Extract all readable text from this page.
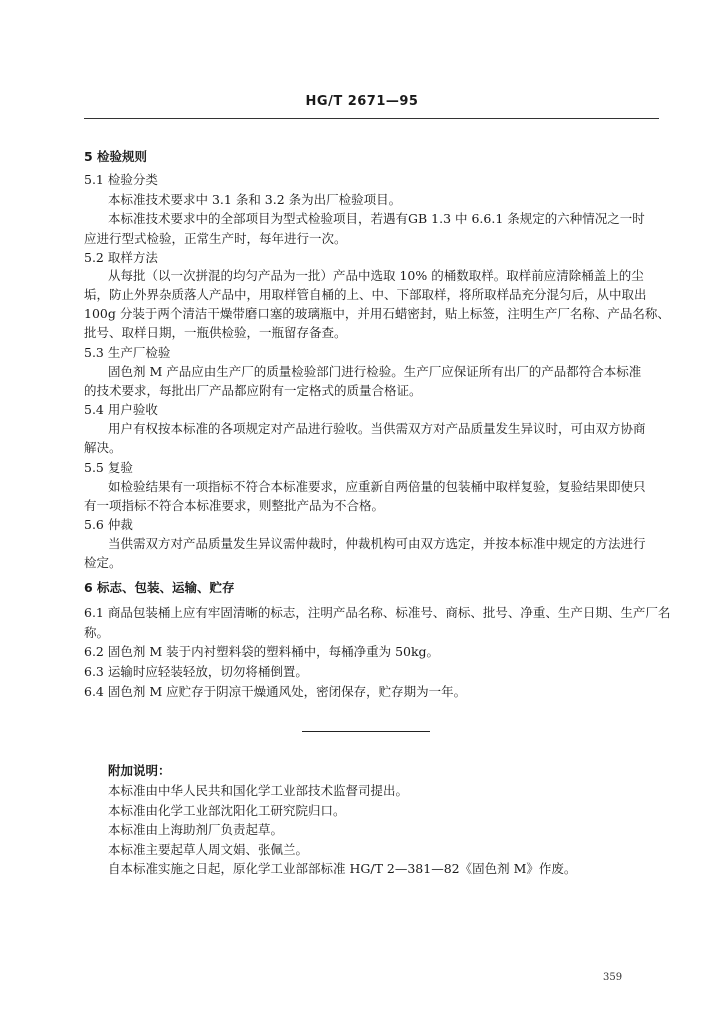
HG/T 2671—95
5 检验规则
5.1 检验分类
本标准技术要求中 3.1 条和 3.2 条为出厂检验项目。
本标准技术要求中的全部项目为型式检验项目，若遇有GB 1.3 中 6.6.1 条规定的六种情况之一时
应进行型式检验，正常生产时，每年进行一次。
5.2 取样方法
从每批（以一次拼混的均匀产品为一批）产品中选取 10% 的桶数取样。取样前应清除桶盖上的尘
垢，防止外界杂质落人产品中，用取样管自桶的上、中、下部取样，将所取样品充分混匀后，从中取出
100g 分装于两个清洁干燥带磨口塞的玻璃瓶中，并用石蜡密封，贴上标签，注明生产厂名称、产品名称、
批号、取样日期，一瓶供检验，一瓶留存备查。
5.3 生产厂检验
固色剂 M 产品应由生产厂的质量检验部门进行检验。生产厂应保证所有出厂的产品都符合本标准
的技术要求，每批出厂产品都应附有一定格式的质量合格证。
5.4 用户验收
用户有权按本标准的各项规定对产品进行验收。当供需双方对产品质量发生异议时，可由双方协商
解决。
5.5 复验
如检验结果有一项指标不符合本标准要求，应重新自两倍量的包装桶中取样复验，复验结果即使只
有一项指标不符合本标准要求，则整批产品为不合格。
5.6 仲裁
当供需双方对产品质量发生异议需仲裁时，仲裁机构可由双方选定，并按本标准中规定的方法进行
检定。
6 标志、包装、运输、贮存
6.1 商品包装桶上应有牢固清晰的标志，注明产品名称、标准号、商标、批号、净重、生产日期、生产厂名
称。
6.2 固色剂 M 装于内衬塑料袋的塑料桶中，每桶净重为 50kg。
6.3 运输时应轻装轻放，切勿将桶倒置。
6.4 固色剂 M 应贮存于阴凉干燥通风处，密闭保存，贮存期为一年。
附加说明：
本标准由中华人民共和国化学工业部技术监督司提出。
本标准由化学工业部沈阳化工研究院归口。
本标准由上海助剂厂负责起草。
本标准主要起草人周文娟、张佩兰。
自本标准实施之日起，原化学工业部部标准 HG/T 2—381—82《固色剂 M》作废。
359
